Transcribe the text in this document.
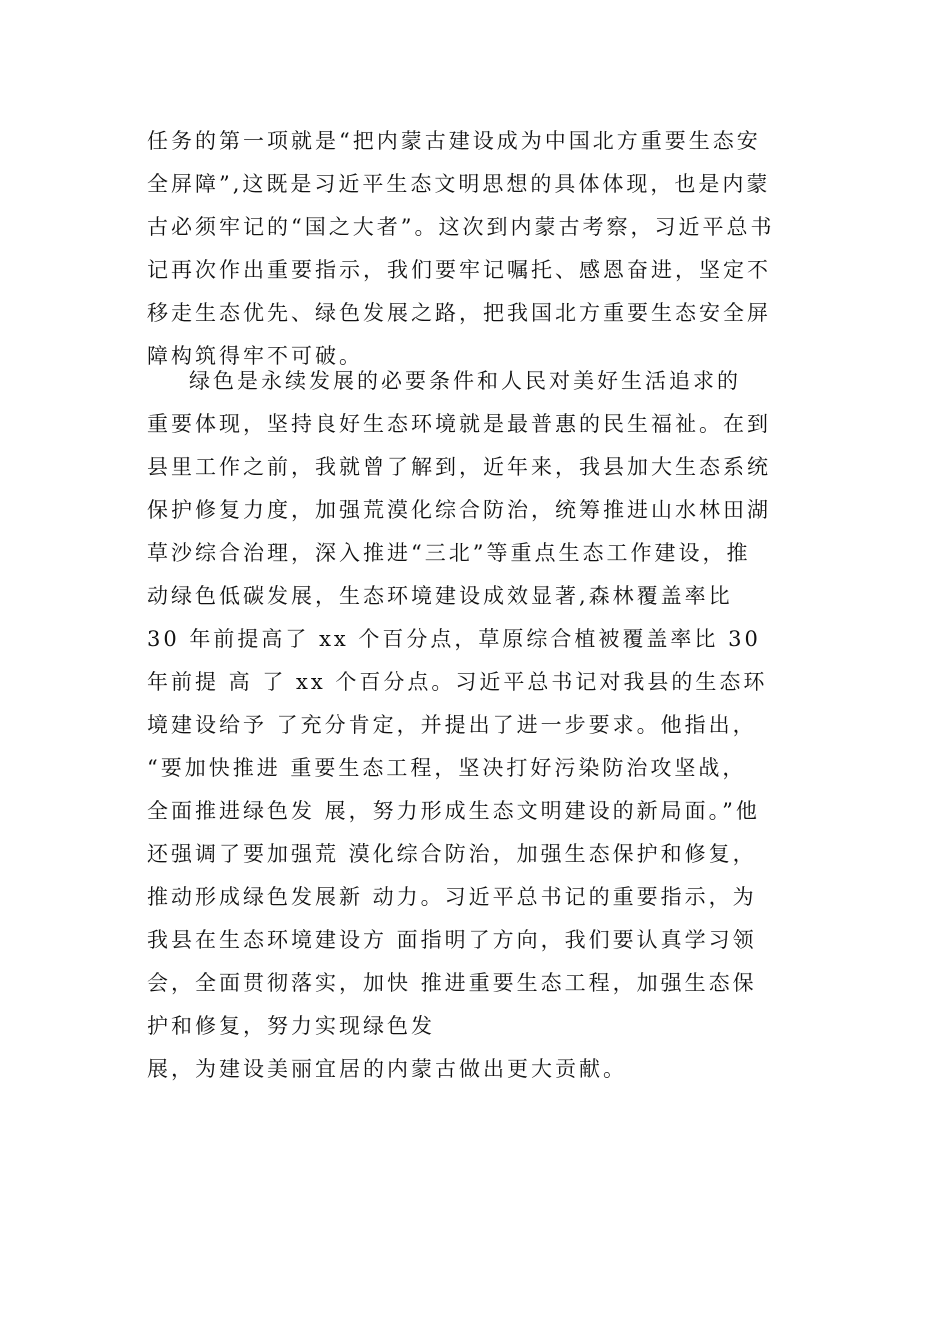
任务的第一项就是“把内蒙古建设成为中国北方重要生态安
全屏障”,这既是习近平生态文明思想的具体体现，也是内蒙
古必须牢记的“国之大者”。这次到内蒙古考察，习近平总书
记再次作出重要指示，我们要牢记嘱托、感恩奋进，坚定不
移走生态优先、绿色发展之路，把我国北方重要生态安全屏
障构筑得牢不可破。
绿色是永续发展的必要条件和人民对美好生活追求的
重要体现，坚持良好生态环境就是最普惠的民生福祉。在到
县里工作之前，我就曾了解到，近年来，我县加大生态系统
保护修复力度，加强荒漠化综合防治，统筹推进山水林田湖
草沙综合治理，深入推进“三北”等重点生态工作建设，推
动绿色低碳发展，生态环境建设成效显著,森林覆盖率比
30 年前提高了 xx 个百分点，草原综合植被覆盖率比 30
年前提 高 了 xx 个百分点。习近平总书记对我县的生态环
境建设给予 了充分肯定，并提出了进一步要求。他指出，
“要加快推进 重要生态工程，坚决打好污染防治攻坚战，
全面推进绿色发 展，努力形成生态文明建设的新局面。”他
还强调了要加强荒 漠化综合防治，加强生态保护和修复，
推动形成绿色发展新 动力。习近平总书记的重要指示，为
我县在生态环境建设方 面指明了方向，我们要认真学习领
会，全面贯彻落实，加快 推进重要生态工程，加强生态保
护和修复，努力实现绿色发
展，为建设美丽宜居的内蒙古做出更大贡献。
